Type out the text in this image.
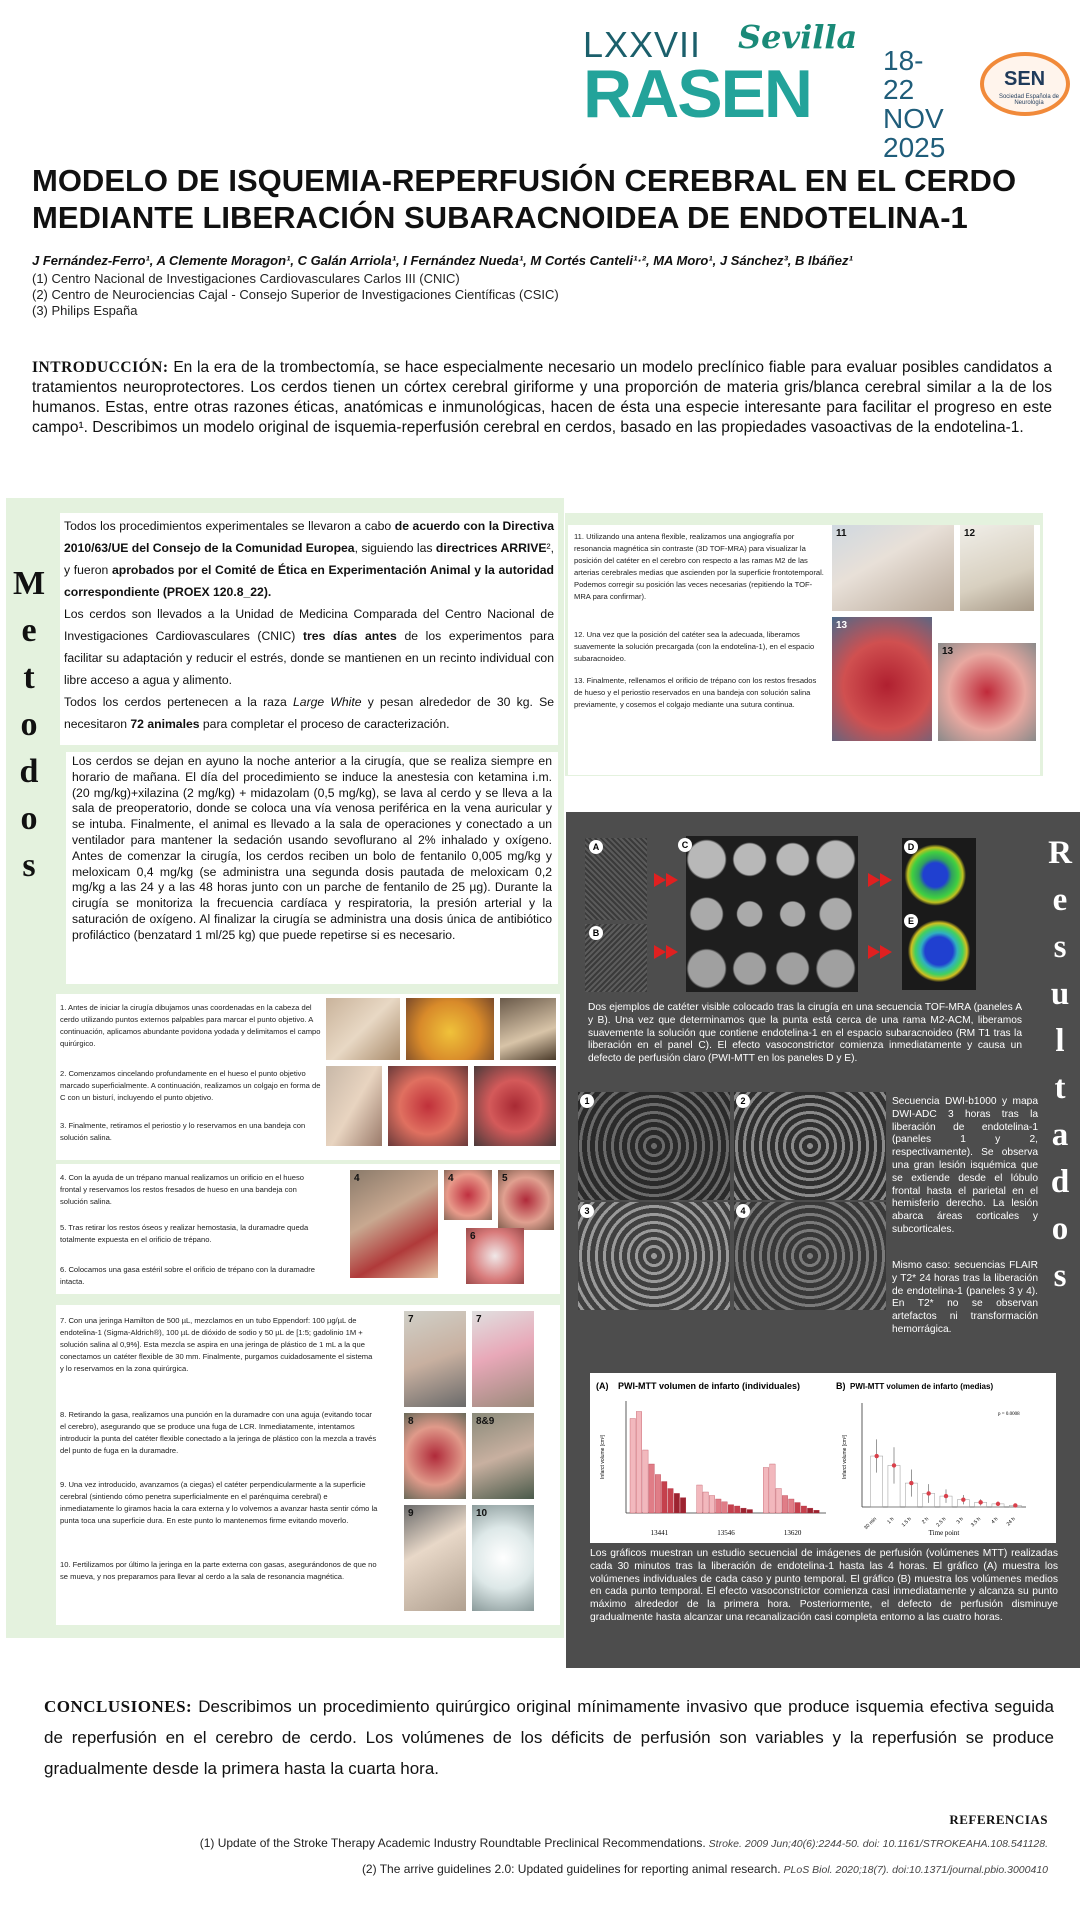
LXXVII Sevilla
RASEN	18-22
NOV
2025
SEN
Sociedad Española de Neurología
MODELO DE ISQUEMIA-REPERFUSIÓN CEREBRAL EN EL CERDO MEDIANTE LIBERACIÓN SUBARACNOIDEA DE ENDOTELINA-1
J Fernández-Ferro¹, A Clemente Moragon¹, C Galán Arriola¹, I Fernández Nueda¹, M Cortés Canteli¹·², MA Moro¹, J Sánchez³, B Ibáñez¹
(1) Centro Nacional de Investigaciones Cardiovasculares Carlos III (CNIC)
(2) Centro de Neurociencias Cajal - Consejo Superior de Investigaciones Científicas (CSIC)
(3) Philips España
INTRODUCCIÓN: En la era de la trombectomía, se hace especialmente necesario un modelo preclínico fiable para evaluar posibles candidatos a tratamientos neuroprotectores. Los cerdos tienen un córtex cerebral giriforme y una proporción de materia gris/blanca cerebral similar a la de los humanos. Estas, entre otras razones éticas, anatómicas e inmunológicas, hacen de ésta una especie interesante para facilitar el progreso en este campo¹. Describimos un modelo original de isquemia-reperfusión cerebral en cerdos, basado en las propiedades vasoactivas de la endotelina-1.
M
e
t
o
d
o
s

Todos los procedimientos experimentales se llevaron a cabo de acuerdo con la Directiva 2010/63/UE del Consejo de la Comunidad Europea, siguiendo las directrices ARRIVE², y fueron aprobados por el Comité de Ética en Experimentación Animal y la autoridad correspondiente (PROEX 120.8_22).

Los cerdos son llevados a la Unidad de Medicina Comparada del Centro Nacional de Investigaciones Cardiovasculares (CNIC) tres días antes de los experimentos para facilitar su adaptación y reducir el estrés, donde se mantienen en un recinto individual con libre acceso a agua y alimento.

Todos los cerdos pertenecen a la raza Large White y pesan alrededor de 30 kg. Se necesitaron 72 animales para completar el proceso de caracterización.

Los cerdos se dejan en ayuno la noche anterior a la cirugía, que se realiza siempre en horario de mañana. El día del procedimiento se induce la anestesia con ketamina i.m. (20 mg/kg)+xilazina (2 mg/kg) + midazolam (0,5 mg/kg), se lava al cerdo y se lleva a la sala de preoperatorio, donde se coloca una vía venosa periférica en la vena auricular y se intuba. Finalmente, el animal es llevado a la sala de operaciones y conectado a un ventilador para mantener la sedación usando sevoflurano al 2% inhalado y oxígeno. Antes de comenzar la cirugía, los cerdos reciben un bolo de fentanilo 0,005 mg/kg y meloxicam 0,4 mg/kg (se administra una segunda dosis pautada de meloxicam 0,2 mg/kg a las 24 y a las 48 horas junto con un parche de fentanilo de 25 µg). Durante la cirugía se monitoriza la frecuencia cardíaca y respiratoria, la presión arterial y la saturación de oxígeno. Al finalizar la cirugía se administra una dosis única de antibiótico profiláctico (benzatard 1 ml/25 kg) que puede repetirse si es necesario.
1. Antes de iniciar la cirugía dibujamos unas coordenadas en la cabeza del cerdo utilizando puntos externos palpables para marcar el punto objetivo. A continuación, aplicamos abundante povidona yodada y delimitamos el campo quirúrgico.
2. Comenzamos cincelando profundamente en el hueso el punto objetivo marcado superficialmente. A continuación, realizamos un colgajo en forma de C con un bisturí, incluyendo el punto objetivo.
3. Finalmente, retiramos el periostio y lo reservamos en una bandeja con solución salina.
4. Con la ayuda de un trépano manual realizamos un orificio en el hueso frontal y reservamos los restos fresados de hueso en una bandeja con solución salina.
5. Tras retirar los restos óseos y realizar hemostasia, la duramadre queda totalmente expuesta en el orificio de trépano.
6. Colocamos una gasa estéril sobre el orificio de trépano con la duramadre intacta.
4	4	5
6
7. Con una jeringa Hamilton de 500 µL, mezclamos en un tubo Eppendorf: 100 µg/µL de endotelina-1 (Sigma-Aldrich®), 100 µL de dióxido de sodio y 50 µL de [1:5; gadolinio 1M + solución salina al 0,9%]. Esta mezcla se aspira en una jeringa de plástico de 1 mL a la que conectamos un catéter flexible de 30 mm. Finalmente, purgamos cuidadosamente el sistema y lo reservamos en la zona quirúrgica.
8. Retirando la gasa, realizamos una punción en la duramadre con una aguja (evitando tocar el cerebro), asegurando que se produce una fuga de LCR. Inmediatamente, intentamos introducir la punta del catéter flexible conectado a la jeringa de plástico con la mezcla a través del punto de fuga en la duramadre.
9. Una vez introducido, avanzamos (a ciegas) el catéter perpendicularmente a la superficie cerebral (sintiendo cómo penetra superficialmente en el parénquima cerebral) e inmediatamente lo giramos hacia la cara externa y lo volvemos a avanzar hasta sentir cómo la punta toca una superficie dura. En este punto lo mantenemos firme evitando moverlo.
10. Fertilizamos por último la jeringa en la parte externa con gasas, asegurándonos de que no se mueva, y nos preparamos para llevar al cerdo a la sala de resonancia magnética.
7	7
8	8&9
9	10
11. Utilizando una antena flexible, realizamos una angiografía por resonancia magnética sin contraste (3D TOF-MRA) para visualizar la posición del catéter en el cerebro con respecto a las ramas M2 de las arterias cerebrales medias que ascienden por la superficie frontotemporal. Podemos corregir su posición las veces necesarias (repitiendo la TOF-MRA para confirmar).
12. Una vez que la posición del catéter sea la adecuada, liberamos suavemente la solución precargada (con la endotelina-1), en el espacio subaracnoideo.
13. Finalmente, rellenamos el orificio de trépano con los restos fresados de hueso y el periostio reservados en una bandeja con solución salina previamente, y cosemos el colgajo mediante una sutura continua.
11	12
13
13
R
e
s
u
l
t
a
d
o
s
A
B
C	D
E
Dos ejemplos de catéter visible colocado tras la cirugía en una secuencia TOF-MRA (paneles A y B). Una vez que determinamos que la punta está cerca de una rama M2-ACM, liberamos suavemente la solución que contiene endotelina-1 en el espacio subaracnoideo (RM T1 tras la liberación en el panel C). El efecto vasoconstrictor comienza inmediatamente y causa un defecto de perfusión claro (PWI-MTT en los paneles D y E).
1	2
3	4
Secuencia DWI-b1000 y mapa DWI-ADC 3 horas tras la liberación de endotelina-1 (paneles 1 y 2, respectivamente). Se observa una gran lesión isquémica que se extiende desde el lóbulo frontal hasta el parietal en el hemisferio derecho. La lesión abarca áreas corticales y subcorticales.
Mismo caso: secuencias FLAIR y T2* 24 horas tras la liberación de endotelina-1 (paneles 3 y 4). En T2* no se observan artefactos ni transformación hemorrágica.
(A) PWI-MTT volumen de infarto (individuales)
Infarct volume [cm³]
13441	13546	13620
B) PWI-MTT volumen de infarto (medias)
Infarct volume [cm³]
Time point
p = 0.0008
30 min 1 h 1.5 h 2 h 2.5 h 3 h 3.5 h 4 h 24 h
Los gráficos muestran un estudio secuencial de imágenes de perfusión (volúmenes MTT) realizadas cada 30 minutos tras la liberación de endotelina-1 hasta las 4 horas. El gráfico (A) muestra los volúmenes individuales de cada caso y punto temporal. El gráfico (B) muestra los volúmenes medios en cada punto temporal. El efecto vasoconstrictor comienza casi inmediatamente y alcanza su punto máximo alrededor de la primera hora. Posteriormente, el defecto de perfusión disminuye gradualmente hasta alcanzar una recanalización casi completa entorno a las cuatro horas.
CONCLUSIONES: Describimos un procedimiento quirúrgico original mínimamente invasivo que produce isquemia efectiva seguida de reperfusión en el cerebro de cerdo. Los volúmenes de los déficits de perfusión son variables y la reperfusión se produce gradualmente desde la primera hasta la cuarta hora.
REFERENCIAS
(1) Update of the Stroke Therapy Academic Industry Roundtable Preclinical Recommendations. Stroke. 2009 Jun;40(6):2244-50. doi: 10.1161/STROKEAHA.108.541128.
(2) The arrive guidelines 2.0: Updated guidelines for reporting animal research. PLoS Biol. 2020;18(7). doi:10.1371/journal.pbio.3000410
